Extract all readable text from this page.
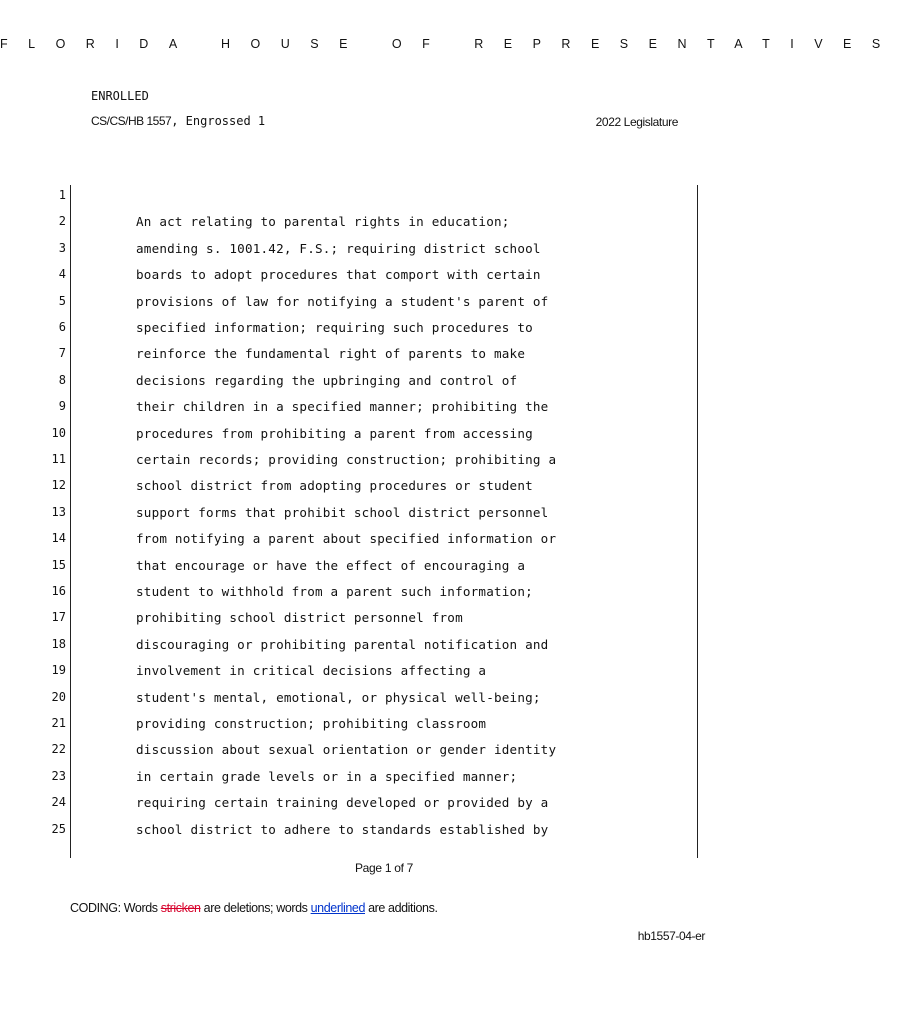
FLORIDA HOUSE OF REPRESENTATIVES
ENROLLED
CS/CS/HB 1557, Engrossed 1	2022 Legislature
1
2	An act relating to parental rights in education;
3	amending s. 1001.42, F.S.; requiring district school
4	boards to adopt procedures that comport with certain
5	provisions of law for notifying a student's parent of
6	specified information; requiring such procedures to
7	reinforce the fundamental right of parents to make
8	decisions regarding the upbringing and control of
9	their children in a specified manner; prohibiting the
10	procedures from prohibiting a parent from accessing
11	certain records; providing construction; prohibiting a
12	school district from adopting procedures or student
13	support forms that prohibit school district personnel
14	from notifying a parent about specified information or
15	that encourage or have the effect of encouraging a
16	student to withhold from a parent such information;
17	prohibiting school district personnel from
18	discouraging or prohibiting parental notification and
19	involvement in critical decisions affecting a
20	student's mental, emotional, or physical well-being;
21	providing construction; prohibiting classroom
22	discussion about sexual orientation or gender identity
23	in certain grade levels or in a specified manner;
24	requiring certain training developed or provided by a
25	school district to adhere to standards established by
Page 1 of 7
CODING: Words stricken are deletions; words underlined are additions.
hb1557-04-er
